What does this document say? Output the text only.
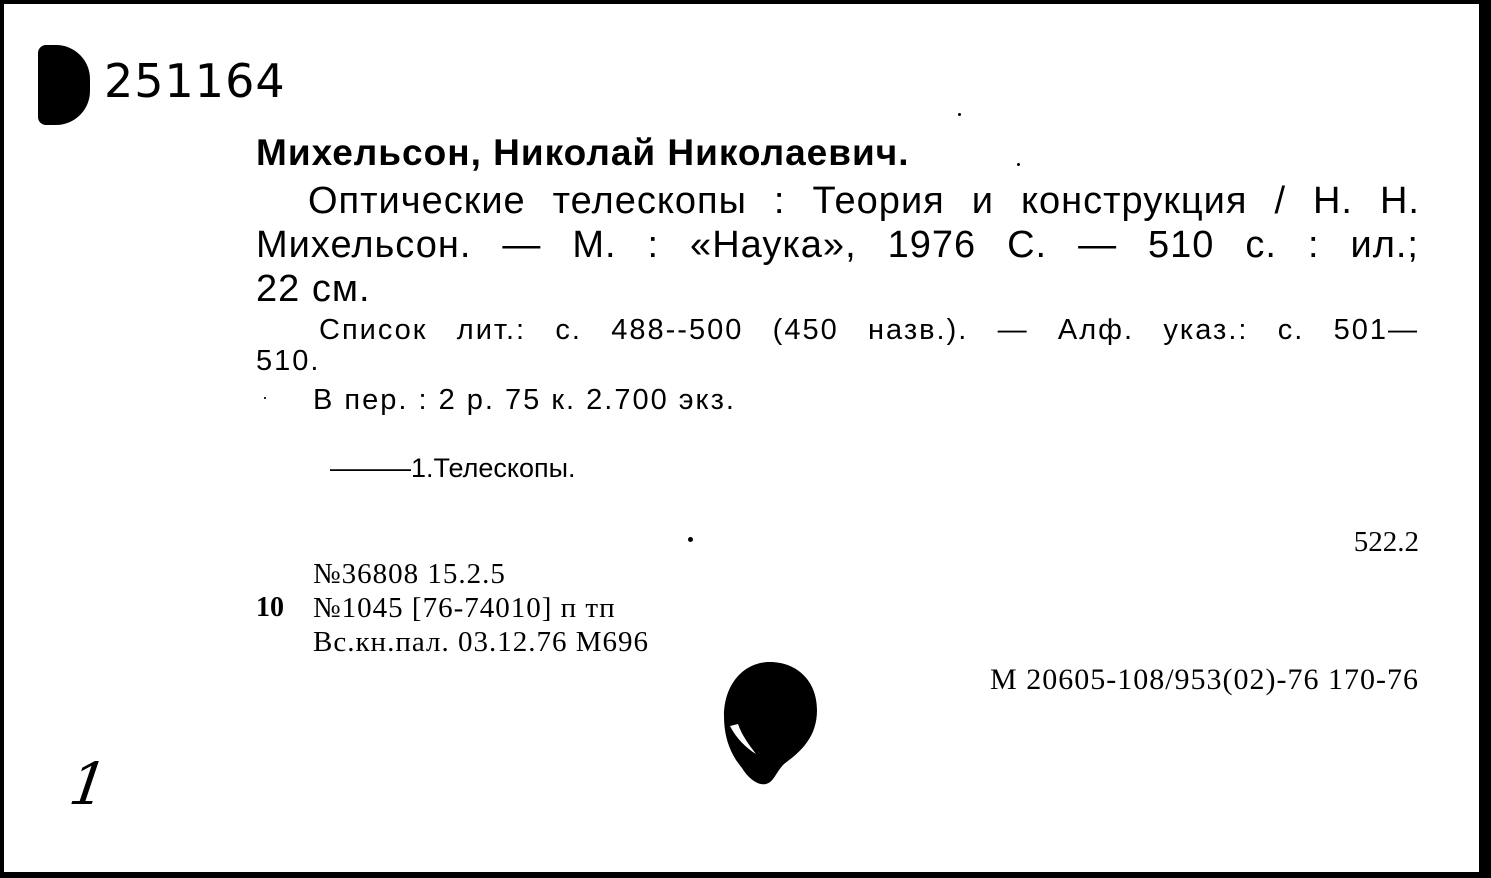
251164
Михельсон, Николай Николаевич.
Оптические телескопы : Теория и конструкция / Н. Н.
Михельсон. — М. : «Наука», 1976 С. — 510 с. : ил.;
22 см.
Список лит.: с. 488--500 (450 назв.). — Алф. указ.: с. 501—
510.
· В пер. : 2 р. 75 к. 2.700 экз.
———1.Телескопы.
522.2
№36808 15.2.5
10 №1045 [76-74010] п тп
Вс.кн.пал. 03.12.76 М696
М 20605-108/953(02)-76 170-76
1
